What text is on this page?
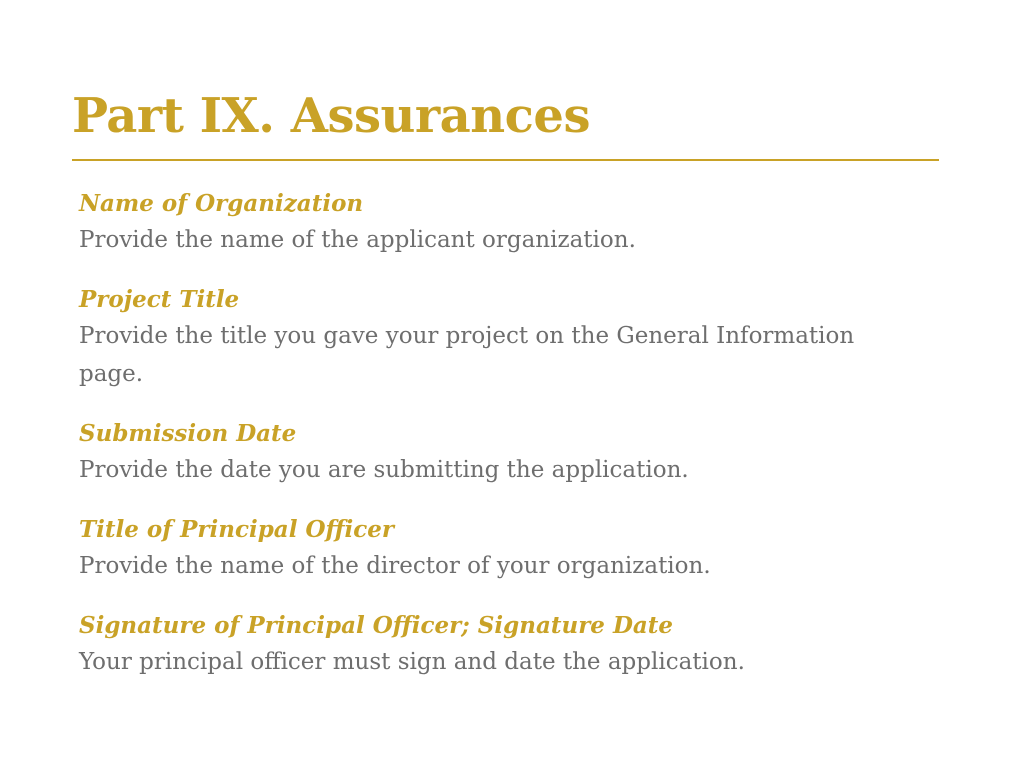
Part IX. Assurances
Name of Organization
Provide the name of the applicant organization.
Project Title
Provide the title you gave your project on the General Information page.
Submission Date
Provide the date you are submitting the application.
Title of Principal Officer
Provide the name of the director of your organization.
Signature of Principal Officer; Signature Date
Your principal officer must sign and date the application.
